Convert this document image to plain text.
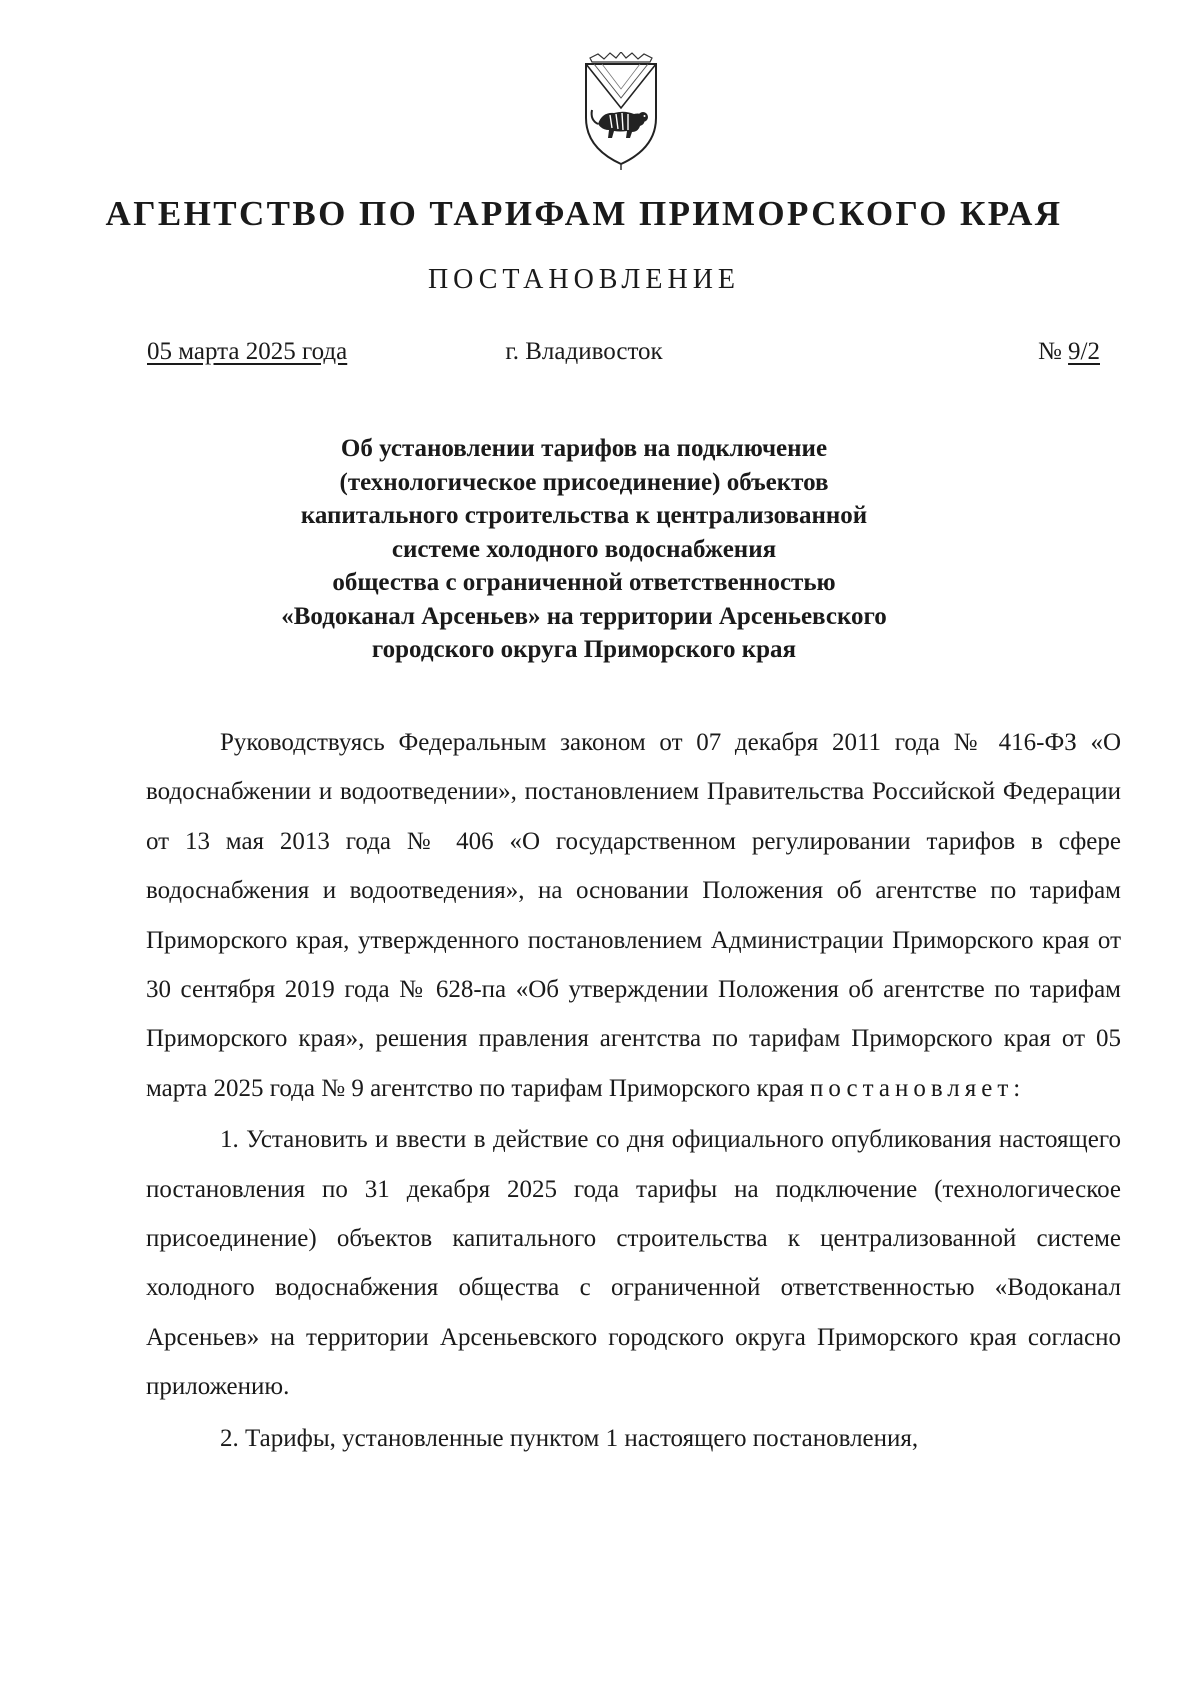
АГЕНТСТВО ПО ТАРИФАМ ПРИМОРСКОГО КРАЯ
ПОСТАНОВЛЕНИЕ
05 марта 2025 года	г. Владивосток	№ 9/2
Об установлении тарифов на подключение
(технологическое присоединение) объектов
капитального строительства к централизованной
системе холодного водоснабжения
общества с ограниченной ответственностью
«Водоканал Арсеньев» на территории Арсеньевского
городского округа Приморского края

Руководствуясь Федеральным законом от 07 декабря 2011 года № 416-ФЗ «О водоснабжении и водоотведении», постановлением Правительства Российской Федерации от 13 мая 2013 года № 406 «О государственном регулировании тарифов в сфере водоснабжения и водоотведения», на основании Положения об агентстве по тарифам Приморского края, утвержденного постановлением Администрации Приморского края от 30 сентября 2019 года № 628-па «Об утверждении Положения об агентстве по тарифам Приморского края», решения правления агентства по тарифам Приморского края от 05 марта 2025 года № 9 агентство по тарифам Приморского края постановляет:

1. Установить и ввести в действие со дня официального опубликования настоящего постановления по 31 декабря 2025 года тарифы на подключение (технологическое присоединение) объектов капитального строительства к централизованной системе холодного водоснабжения общества с ограниченной ответственностью «Водоканал Арсеньев» на территории Арсеньевского городского округа Приморского края согласно приложению.

2. Тарифы, установленные пунктом 1 настоящего постановления,
